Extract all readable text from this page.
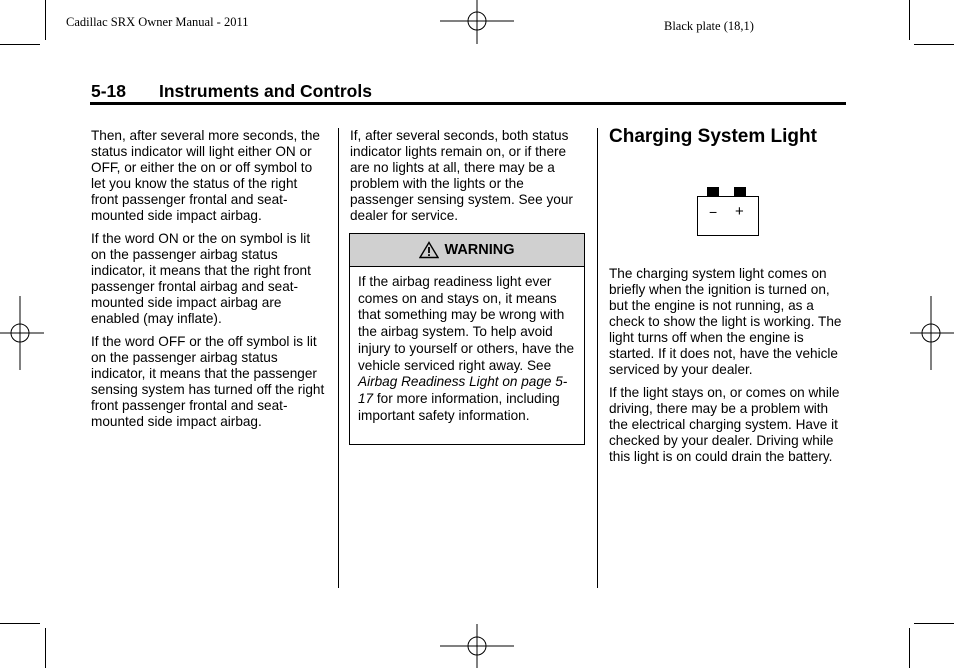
Cadillac SRX Owner Manual - 2011	Black plate (18,1)
5-18 Instruments and Controls

Then, after several more seconds, the status indicator will light either ON or OFF, or either the on or off symbol to let you know the status of the right front passenger frontal and seat-mounted side impact airbag.

If the word ON or the on symbol is lit on the passenger airbag status indicator, it means that the right front passenger frontal airbag and seat-mounted side impact airbag are enabled (may inflate).

If the word OFF or the off symbol is lit on the passenger airbag status indicator, it means that the passenger sensing system has turned off the right front passenger frontal and seat-mounted side impact airbag.

If, after several seconds, both status indicator lights remain on, or if there are no lights at all, there may be a problem with the lights or the passenger sensing system. See your dealer for service.

WARNING
If the airbag readiness light ever comes on and stays on, it means that something may be wrong with the airbag system. To help avoid injury to yourself or others, have the vehicle serviced right away. See Airbag Readiness Light on page 5-17 for more information, including important safety information.
Charging System Light
− +

The charging system light comes on briefly when the ignition is turned on, but the engine is not running, as a check to show the light is working. The light turns off when the engine is started. If it does not, have the vehicle serviced by your dealer.

If the light stays on, or comes on while driving, there may be a problem with the electrical charging system. Have it checked by your dealer. Driving while this light is on could drain the battery.
